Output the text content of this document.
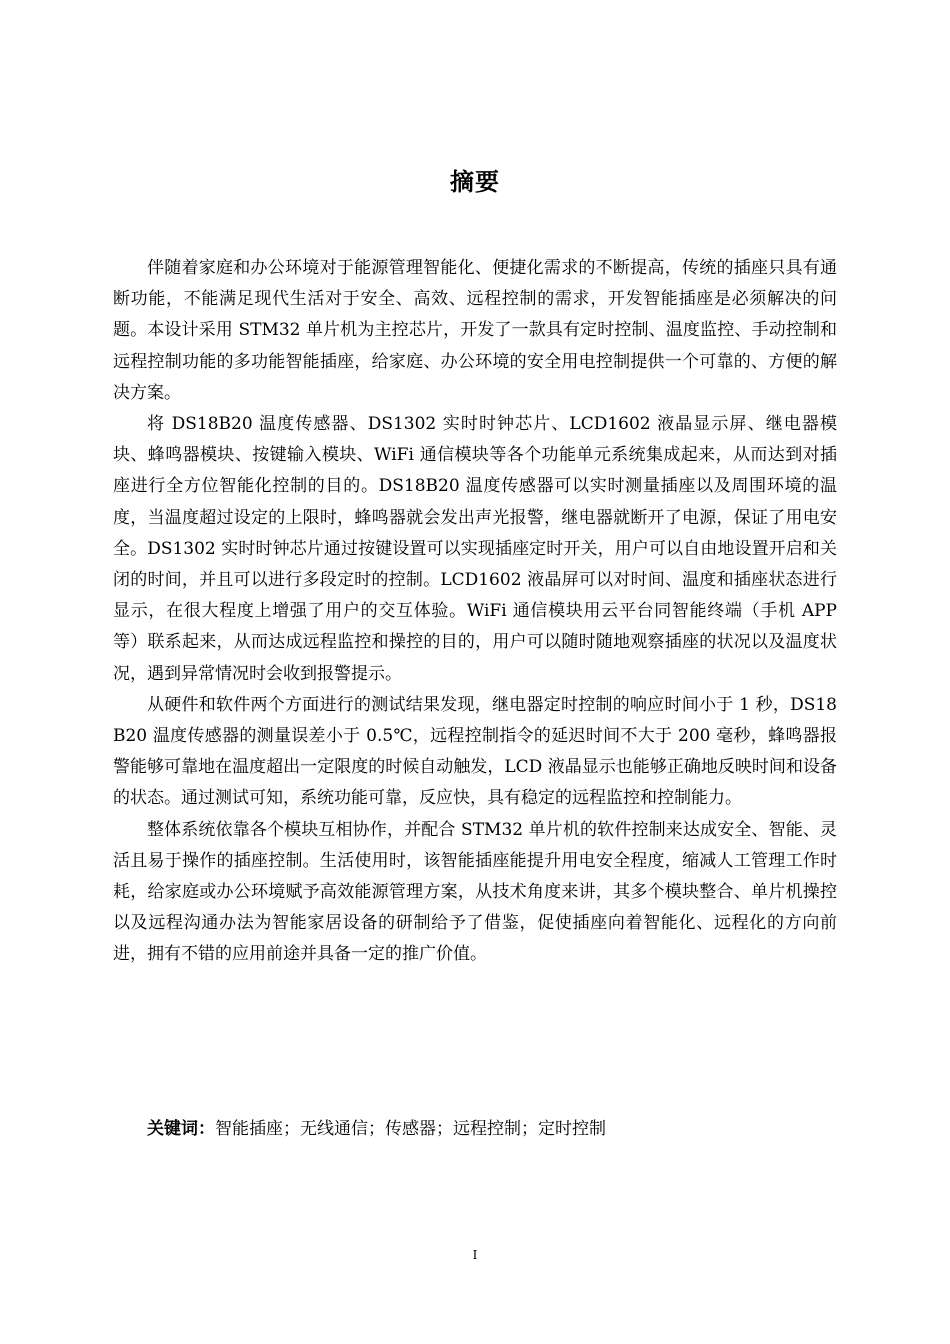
摘要

伴随着家庭和办公环境对于能源管理智能化、便捷化需求的不断提高，传统的插座只具有通断功能，不能满足现代生活对于安全、高效、远程控制的需求，开发智能插座是必须解决的问题。本设计采用 STM32 单片机为主控芯片，开发了一款具有定时控制、温度监控、手动控制和远程控制功能的多功能智能插座，给家庭、办公环境的安全用电控制提供一个可靠的、方便的解决方案。

将 DS18B20 温度传感器、DS1302 实时时钟芯片、LCD1602 液晶显示屏、继电器模块、蜂鸣器模块、按键输入模块、WiFi 通信模块等各个功能单元系统集成起来，从而达到对插座进行全方位智能化控制的目的。DS18B20 温度传感器可以实时测量插座以及周围环境的温度，当温度超过设定的上限时，蜂鸣器就会发出声光报警，继电器就断开了电源，保证了用电安全。DS1302 实时时钟芯片通过按键设置可以实现插座定时开关，用户可以自由地设置开启和关闭的时间，并且可以进行多段定时的控制。LCD1602 液晶屏可以对时间、温度和插座状态进行显示，在很大程度上增强了用户的交互体验。WiFi 通信模块用云平台同智能终端（手机 APP 等）联系起来，从而达成远程监控和操控的目的，用户可以随时随地观察插座的状况以及温度状况，遇到异常情况时会收到报警提示。

从硬件和软件两个方面进行的测试结果发现，继电器定时控制的响应时间小于 1 秒，DS18B20 温度传感器的测量误差小于 0.5℃，远程控制指令的延迟时间不大于 200 毫秒，蜂鸣器报警能够可靠地在温度超出一定限度的时候自动触发，LCD 液晶显示也能够正确地反映时间和设备的状态。通过测试可知，系统功能可靠，反应快，具有稳定的远程监控和控制能力。

整体系统依靠各个模块互相协作，并配合 STM32 单片机的软件控制来达成安全、智能、灵活且易于操作的插座控制。生活使用时，该智能插座能提升用电安全程度，缩减人工管理工作时耗，给家庭或办公环境赋予高效能源管理方案，从技术角度来讲，其多个模块整合、单片机操控以及远程沟通办法为智能家居设备的研制给予了借鉴，促使插座向着智能化、远程化的方向前进，拥有不错的应用前途并具备一定的推广价值。

关键词：智能插座；无线通信；传感器；远程控制；定时控制
I
